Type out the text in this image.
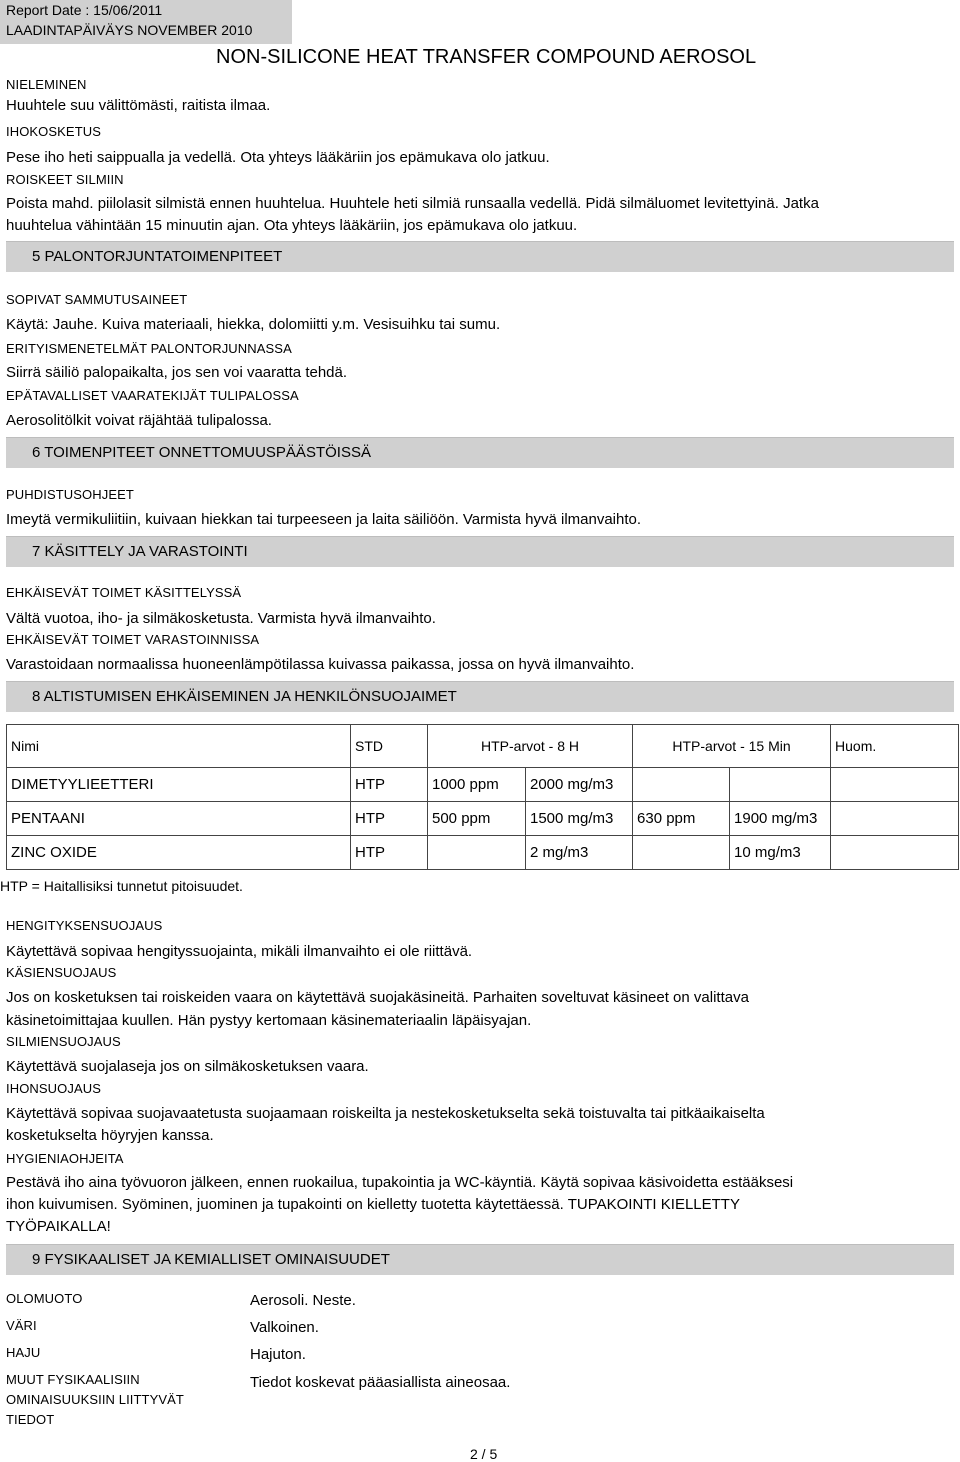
Report Date : 15/06/2011
LAADINTAPÄIVÄYS NOVEMBER 2010
NON-SILICONE HEAT TRANSFER COMPOUND AEROSOL
NIELEMINEN
Huuhtele suu välittömästi, raitista ilmaa.
IHOKOSKETUS
Pese iho heti saippualla ja vedellä. Ota yhteys lääkäriin jos epämukava olo jatkuu.
ROISKEET SILMIIN
Poista mahd. piilolasit silmistä ennen huuhtelua. Huuhtele heti silmiä runsaalla vedellä. Pidä silmäluomet levitettyinä. Jatka
huuhtelua vähintään 15 minuutin ajan. Ota yhteys lääkäriin, jos epämukava olo jatkuu.
5 PALONTORJUNTATOIMENPITEET
SOPIVAT SAMMUTUSAINEET
Käytä: Jauhe. Kuiva materiaali, hiekka, dolomiitti y.m. Vesisuihku tai sumu.
ERITYISMENETELMÄT PALONTORJUNNASSA
Siirrä säiliö palopaikalta, jos sen voi vaaratta tehdä.
EPÄTAVALLISET VAARATEKIJÄT TULIPALOSSA
Aerosolitölkit voivat räjähtää tulipalossa.
6 TOIMENPITEET ONNETTOMUUSPÄÄSTÖISSÄ
PUHDISTUSOHJEET
Imeytä vermikuliitiin, kuivaan hiekkan tai turpeeseen ja laita säiliöön. Varmista hyvä ilmanvaihto.
7 KÄSITTELY JA VARASTOINTI
EHKÄISEVÄT TOIMET KÄSITTELYSSÄ
Vältä vuotoa, iho- ja silmäkosketusta. Varmista hyvä ilmanvaihto.
EHKÄISEVÄT TOIMET VARASTOINNISSA
Varastoidaan normaalissa huoneenlämpötilassa kuivassa paikassa, jossa on hyvä ilmanvaihto.
8 ALTISTUMISEN EHKÄISEMINEN JA HENKILÖNSUOJAIMET
Nimi	STD	HTP-arvot - 8 H		HTP-arvot - 15 Min		Huom.
DIMETYYLIEETTERI	HTP	1000 ppm	2000 mg/m3			
PENTAANI	HTP	500 ppm	1500 mg/m3	630 ppm	1900 mg/m3	
ZINC OXIDE	HTP		2 mg/m3		10 mg/m3	
HTP = Haitallisiksi tunnetut pitoisuudet.
HENGITYKSENSUOJAUS
Käytettävä sopivaa hengityssuojainta, mikäli ilmanvaihto ei ole riittävä.
KÄSIENSUOJAUS
Jos on kosketuksen tai roiskeiden vaara on käytettävä suojakäsineitä. Parhaiten soveltuvat käsineet on valittava
käsinetoimittajaa kuullen. Hän pystyy kertomaan käsinemateriaalin läpäisyajan.
SILMIENSUOJAUS
Käytettävä suojalaseja jos on silmäkosketuksen vaara.
IHONSUOJAUS
Käytettävä sopivaa suojavaatetusta suojaamaan roiskeilta ja nestekosketukselta sekä toistuvalta tai pitkäaikaiselta
kosketukselta höyryjen kanssa.
HYGIENIAOHJEITA
Pestävä iho aina työvuoron jälkeen, ennen ruokailua, tupakointia ja WC-käyntiä. Käytä sopivaa käsivoidetta estääksesi
ihon kuivumisen. Syöminen, juominen ja tupakointi on kielletty tuotetta käytettäessä. TUPAKOINTI KIELLETTY
TYÖPAIKALLA!
9 FYSIKAALISET JA KEMIALLISET OMINAISUUDET
OLOMUOTO	Aerosoli. Neste.
VÄRI	Valkoinen.
HAJU	Hajuton.
MUUT FYSIKAALISIIN
OMINAISUUKSIIN LIITTYVÄT
TIEDOT
Tiedot koskevat pääasiallista aineosaa.
2 / 5
